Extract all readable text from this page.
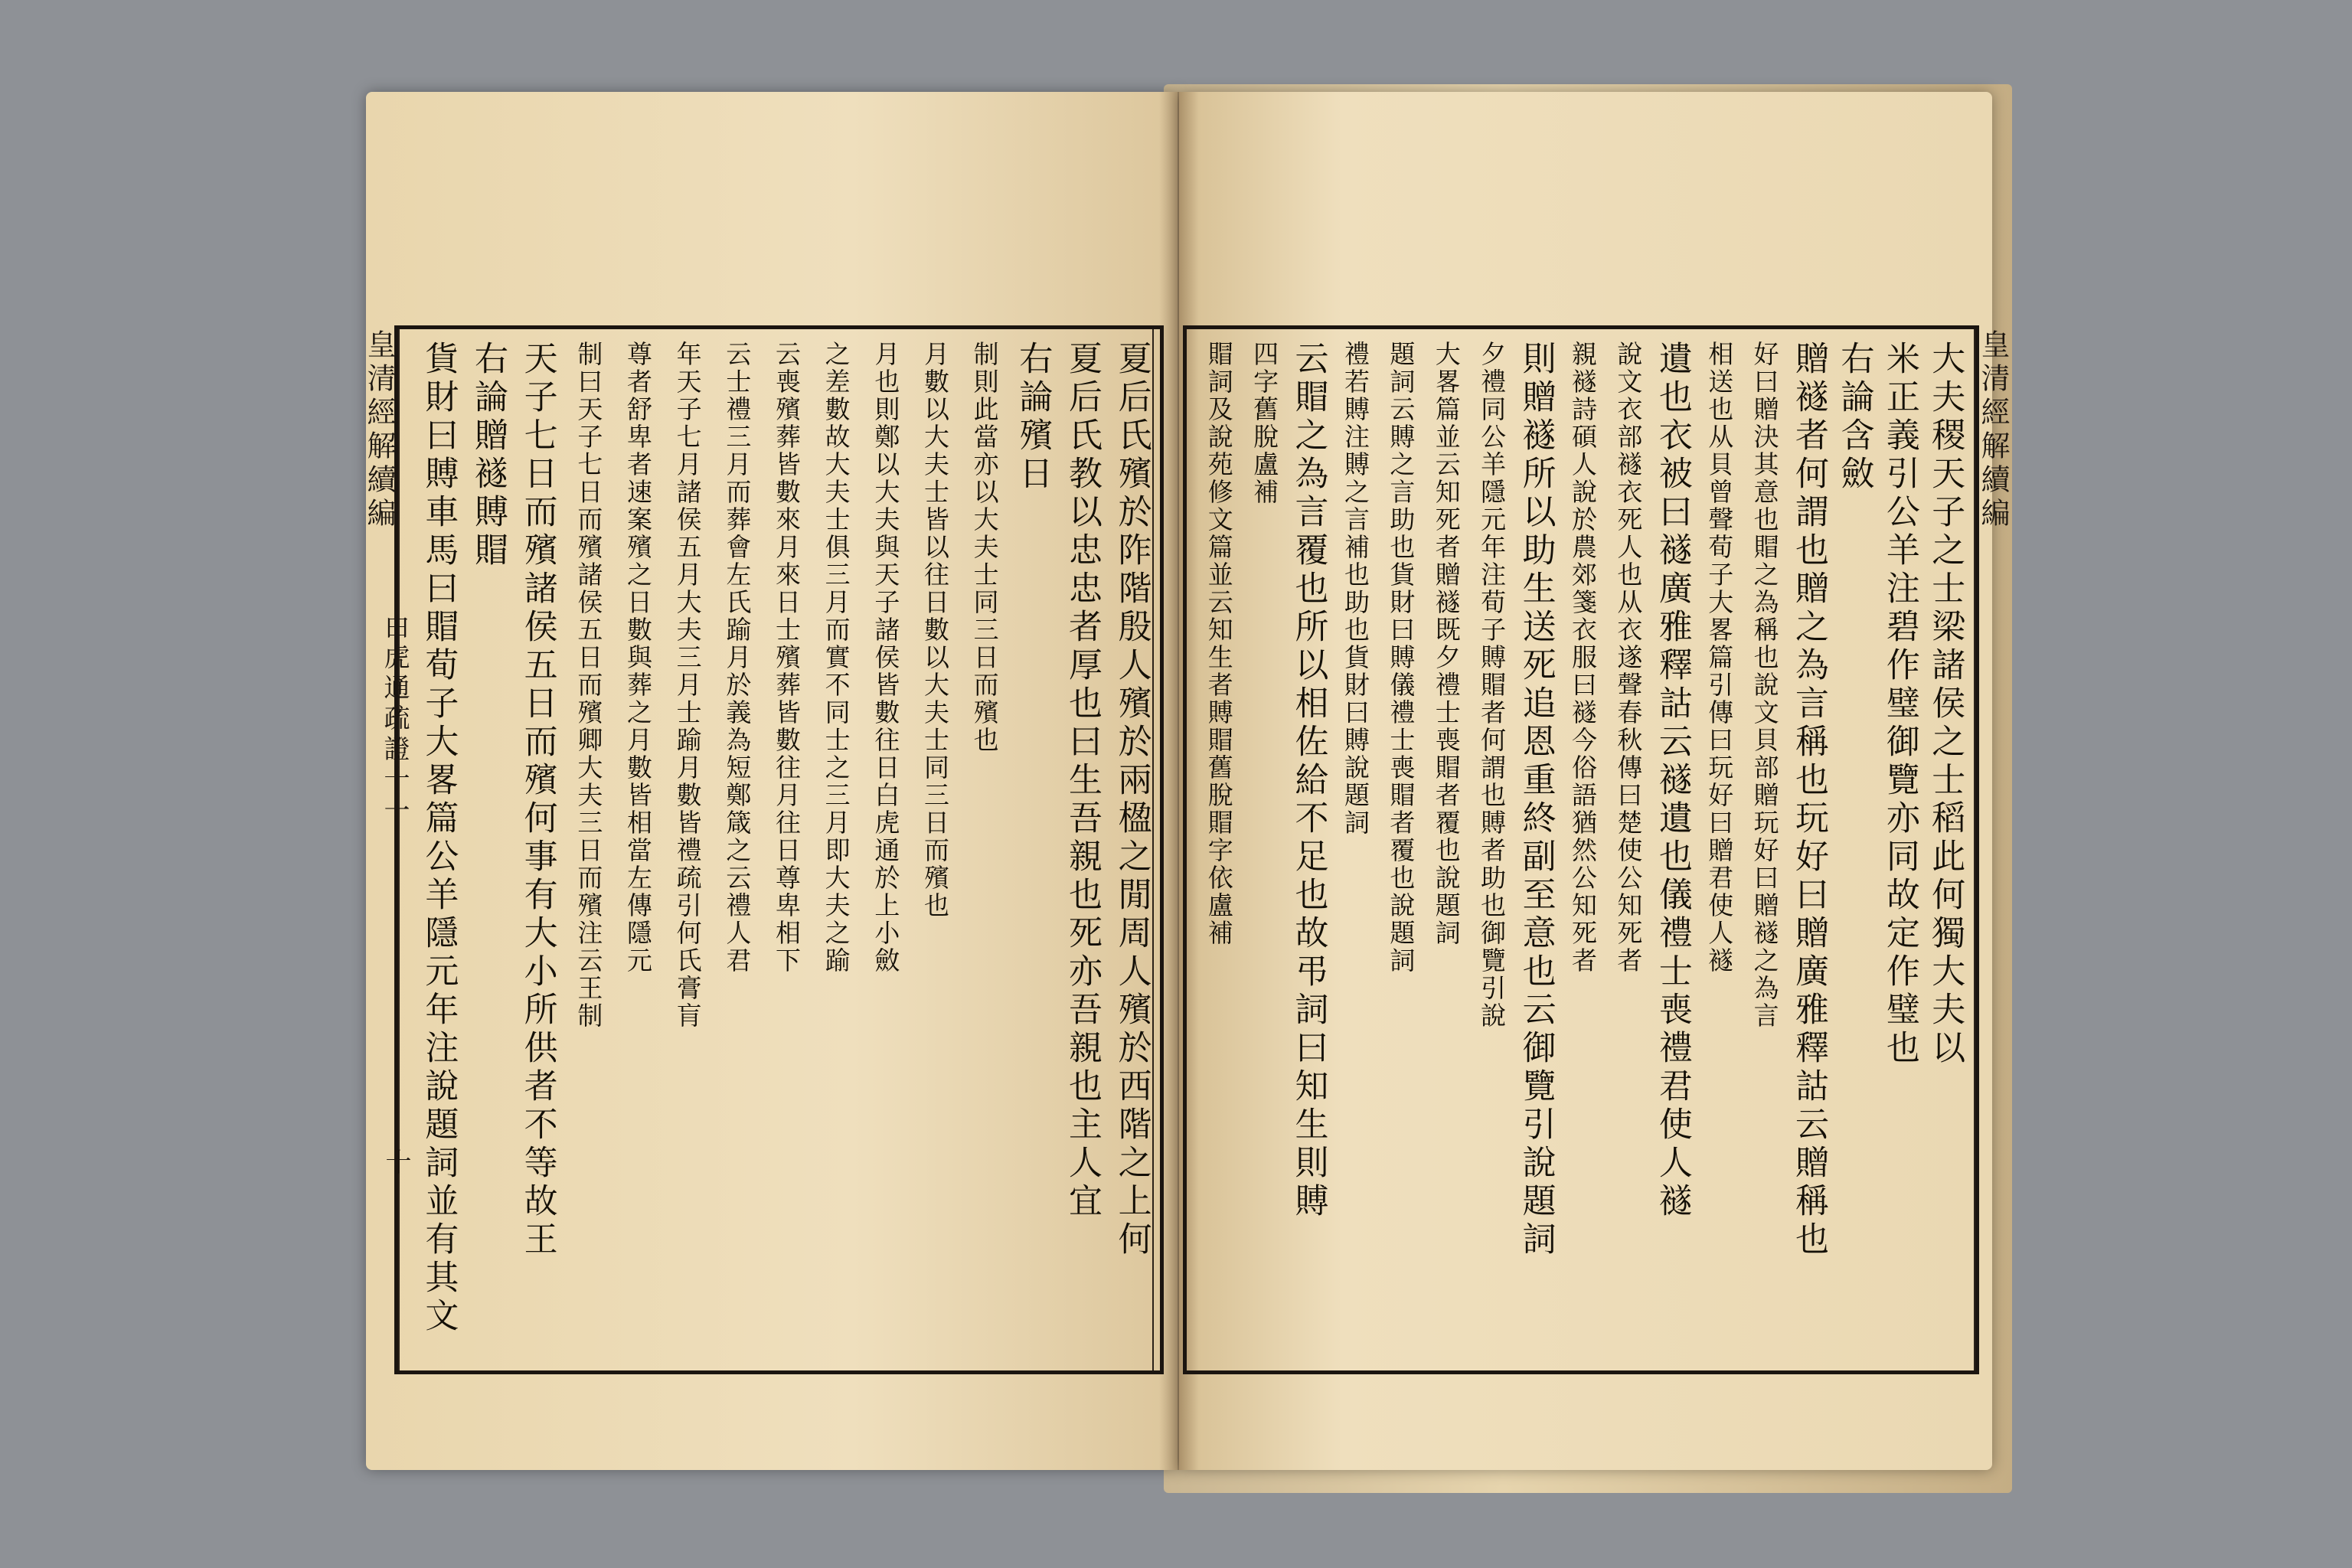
皇清經解續編
白虎通疏證十一
十	夏后氏殯於阼階殷人殯於兩楹之閒周人殯於西階之上何
夏后氏教以忠忠者厚也曰生吾親也死亦吾親也主人宜
右論殯日
制則此當亦以大夫士同三日而殯也
月數以大夫士皆以往日數以大夫士同三日而殯也
月也則鄭以大夫與天子諸侯皆數往日白虎通於上小斂
之差數故大夫士俱三月而實不同士之三月即大夫之踰
云喪殯葬皆數來月來日士殯葬皆數往月往日尊卑相下
云士禮三月而葬會左氏踰月於義為短鄭箴之云禮人君
年天子七月諸侯五月大夫三月士踰月數皆禮疏引何氏膏肓
尊者舒卑者速案殯之日數與葬之月數皆相當左傳隱元
制曰天子七日而殯諸侯五日而殯卿大夫三日而殯注云王制
天子七日而殯諸侯五日而殯何事有大小所供者不等故王
右論贈襚賻賵
貨財曰賻車馬曰賵荀子大畧篇公羊隱元年注說題詞並有其文	皇清經解續編
大夫稷天子之士梁諸侯之士稻此何獨大夫以
米正義引公羊注碧作璧御覽亦同故定作璧也
右論含斂
贈襚者何謂也贈之為言稱也玩好曰贈廣雅釋詁云贈稱也
好曰贈決其意也賵之為稱也說文貝部贈玩好曰贈襚之為言
相送也从貝曾聲荀子大畧篇引傳曰玩好曰贈君使人襚
遺也衣被曰襚廣雅釋詁云襚遺也儀禮士喪禮君使人襚
說文衣部襚衣死人也从衣遂聲春秋傳曰楚使公知死者
親襚詩碩人說於農郊箋衣服曰襚今俗語猶然公知死者
則贈襚所以助生送死追恩重終副至意也云御覽引說題詞
夕禮同公羊隱元年注荀子賻賵者何謂也賻者助也御覽引說
大畧篇並云知死者贈襚既夕禮士喪賵者覆也說題詞
題詞云賻之言助也貨財曰賻儀禮士喪賵者覆也說題詞
禮若賻注賻之言補也助也貨財曰賻說題詞
云賵之為言覆也所以相佐給不足也故弔詞曰知生則賻
四字舊脫盧補
賵詞及說苑修文篇並云知生者賻賵舊脫賵字依盧補
